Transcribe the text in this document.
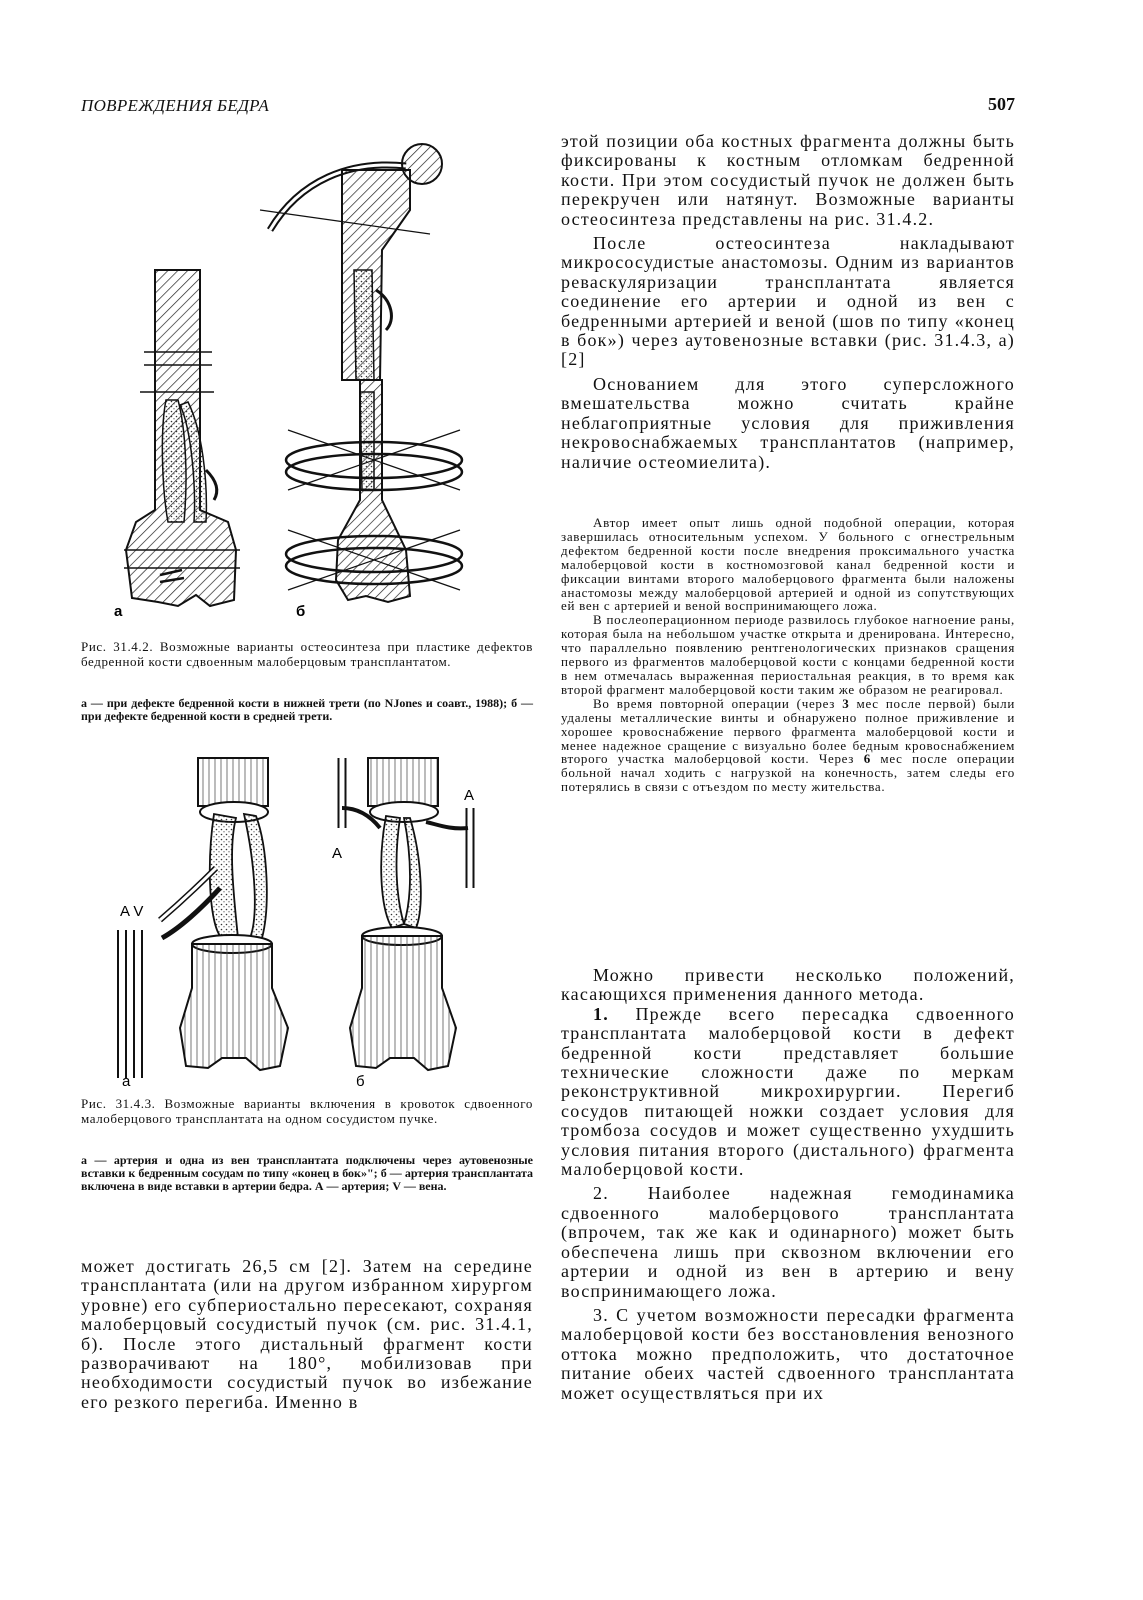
ПОВРЕЖДЕНИЯ БЕДРА	507
а	б
Рис. 31.4.2. Возможные варианты остеосинтеза при пластике дефектов бедренной кости сдвоенным малоберцовым трансплантатом.
а — при дефекте бедренной кости в нижней трети (по NJones и соавт., 1988); б — при дефекте бедренной кости в средней трети.
A V
а
A
A
б
Рис. 31.4.3. Возможные варианты включения в кровоток сдвоенного малоберцового трансплантата на одном сосудистом пучке.
а — артерия и одна из вен трансплантата подключены через аутовенозные вставки к бедренным сосудам по типу «конец в бок»"; б — артерия трансплантата включена в виде вставки в артерии бедра. А — артерия; V — вена.

может достигать 26,5 см [2]. Затем на середине трансплантата (или на другом избранном хирургом уровне) его субпериостально пересекают, сохраняя малоберцовый сосудистый пучок (см. рис. 31.4.1, б). После этого дистальный фрагмент кости разворачивают на 180°, мобилизовав при необходимости сосудистый пучок во избежание его резкого перегиба. Именно в

этой позиции оба костных фрагмента должны быть фиксированы к костным отломкам бедренной кости. При этом сосудистый пучок не должен быть перекручен или натянут. Возможные варианты остеосинтеза представлены на рис. 31.4.2.

После остеосинтеза накладывают микрососудистые анастомозы. Одним из вариантов реваскуляризации трансплантата является соединение его артерии и одной из вен с бедренными артерией и веной (шов по типу «конец в бок») через аутовенозные вставки (рис. 31.4.3, а) [2]

Основанием для этого суперсложного вмешательства можно считать крайне неблагоприятные условия для приживления некровоснабжаемых трансплантатов (например, наличие остеомиелита).

Автор имеет опыт лишь одной подобной операции, которая завершилась относительным успехом. У больного с огнестрельным дефектом бедренной кости после внедрения проксимального участка малоберцовой кости в костномозговой канал бедренной кости и фиксации винтами второго малоберцового фрагмента были наложены анастомозы между малоберцовой артерией и одной из сопутствующих ей вен с артерией и веной воспринимающего ложа.

В послеоперационном периоде развилось глубокое нагноение раны, которая была на небольшом участке открыта и дренирована. Интересно, что параллельно появлению рентгенологических признаков сращения первого из фрагментов малоберцовой кости с концами бедренной кости в нем отмечалась выраженная периостальная реакция, в то время как второй фрагмент малоберцовой кости таким же образом не реагировал.

Во время повторной операции (через 3 мес после первой) были удалены металлические винты и обнаружено полное приживление и хорошее кровоснабжение первого фрагмента малоберцовой кости и менее надежное сращение с визуально более бедным кровоснабжением второго участка малоберцовой кости. Через 6 мес после операции больной начал ходить с нагрузкой на конечность, затем следы его потерялись в связи с отъездом по месту жительства.

Можно привести несколько положений, касающихся применения данного метода.

1. Прежде всего пересадка сдвоенного трансплантата малоберцовой кости в дефект бедренной кости представляет большие технические сложности даже по меркам реконструктивной микрохирургии. Перегиб сосудов питающей ножки создает условия для тромбоза сосудов и может существенно ухудшить условия питания второго (дистального) фрагмента малоберцовой кости.

2. Наиболее надежная гемодинамика сдвоенного малоберцового трансплантата (впрочем, так же как и одинарного) может быть обеспечена лишь при сквозном включении его артерии и одной из вен в артерию и вену воспринимающего ложа.

3. С учетом возможности пересадки фрагмента малоберцовой кости без восстановления венозного оттока можно предположить, что достаточное питание обеих частей сдвоенного трансплантата может осуществляться при их
